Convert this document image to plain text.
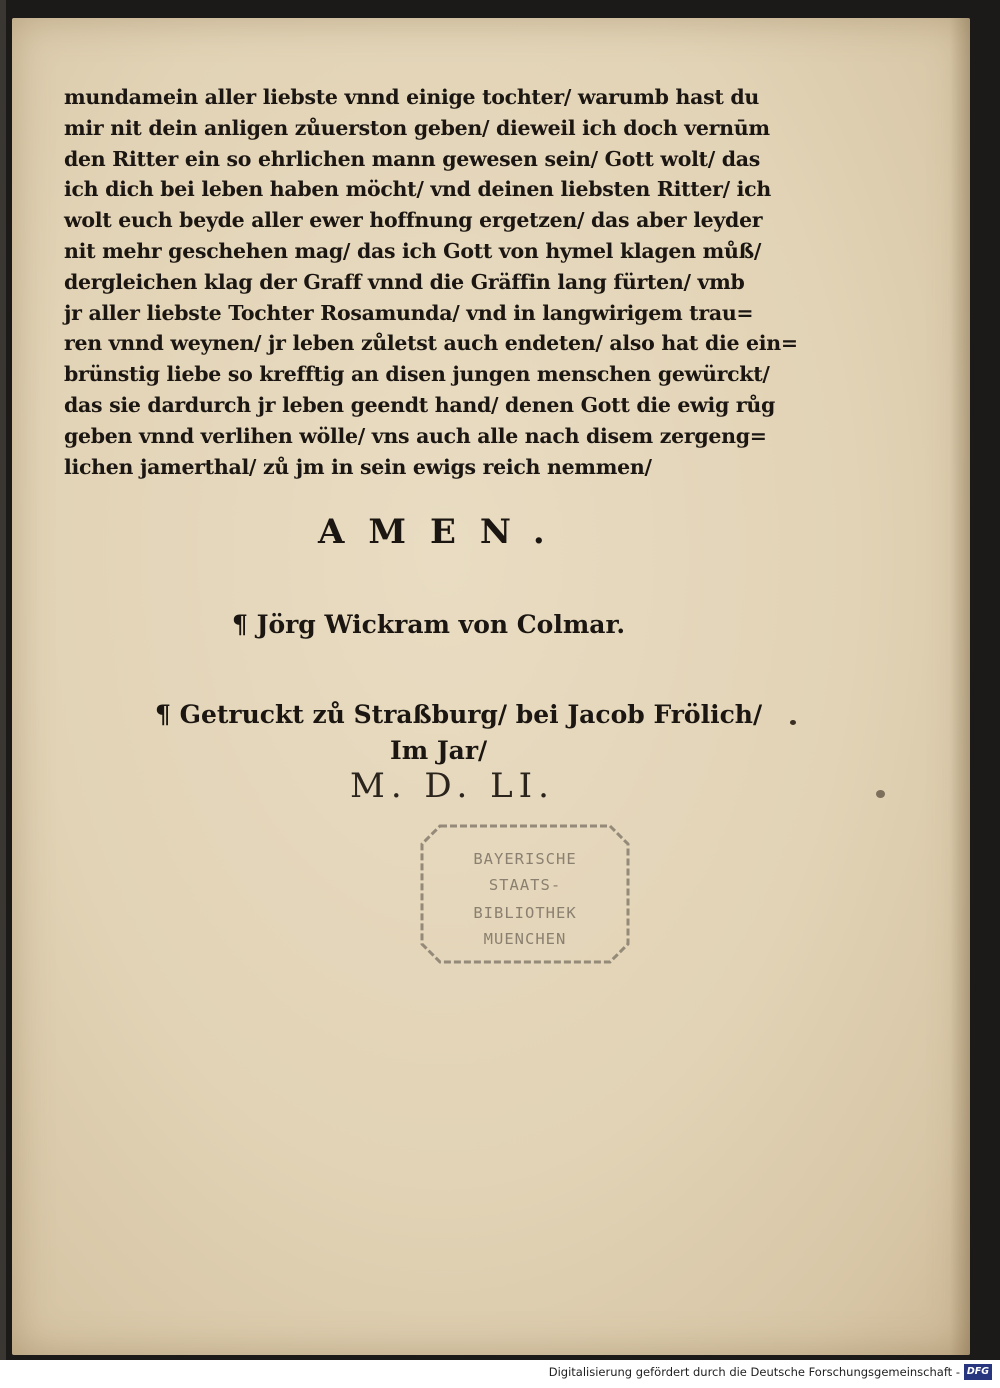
mundamein aller liebste vnnd einige tochter/ warumb hast du
mir nit dein anligen zůuerston geben/ dieweil ich doch vernūm
den Ritter ein so ehrlichen mann gewesen sein/ Gott wolt/ das
ich dich bei leben haben möcht/ vnd deinen liebsten Ritter/ ich
wolt euch beyde aller ewer hoffnung ergetzen/ das aber leyder
nit mehr geschehen mag/ das ich Gott von hymel klagen můß/
dergleichen klag der Graff vnnd die Gräffin lang fürten/ vmb
jr aller liebste Tochter Rosamunda/ vnd in langwirigem trau=
ren vnnd weynen/ jr leben zůletst auch endeten/ also hat die ein=
brünstig liebe so krefftig an disen jungen menschen gewürckt/
das sie dardurch jr leben geendt hand/ denen Gott die ewig růg
geben vnnd verlihen wölle/ vns auch alle nach disem zergeng=
lichen jamerthal/ zů jm in sein ewigs reich nemmen/
AMEN.
¶ Jörg Wickram von Colmar.
¶ Getruckt zů Straßburg/ bei Jacob Frölich/
Im Jar/
M. D. LI.
BAYERISCHE
STAATS-
BIBLIOTHEK
MUENCHEN
Digitalisierung gefördert durch die Deutsche Forschungsgemeinschaft - DFG
